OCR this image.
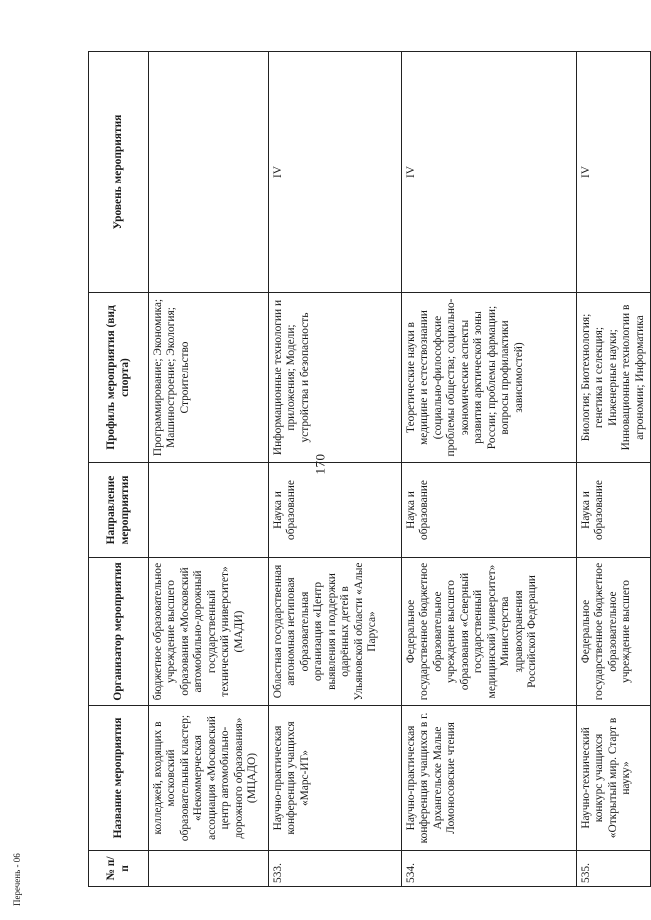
170
№ п/п	Название мероприятия	Организатор мероприятия	Направление мероприятия	Профиль мероприятия (вид спорта)	Уровень мероприятия
	колледжей, входящих в московский образовательный кластер; «Некоммерческая ассоциация «Московский центр автомобильно-дорожного образования» (МЦАДО)	бюджетное образовательное учреждение высшего образования «Московский автомобильно-дорожный государственный технический университет» (МАДИ)		Программирование; Экономика; Машиностроение; Экология; Строительство	
533.	Научно-практическая конференция учащихся «Марс-ИТ»	Областная государственная автономная нетиповая образовательная организация «Центр выявления и поддержки одарённых детей в Ульяновской области «Алые Паруса»	Наука и образование	Информационные технологии и приложения; Модели; устройства и безопасность	IV
534.	Научно-практическая конференция учащихся в г. Архангельске Малые Ломоносовские чтения	Федеральное государственное бюджетное образовательное учреждение высшего образования «Северный государственный медицинский университет» Министерства здравоохранения Российской Федерации	Наука и образование	Теоретические науки в медицине и естествознании (социально-философские проблемы общества; социально-экономические аспекты развития арктической зоны России; проблемы фармации; вопросы профилактики зависимостей)	IV
535.	Научно-технический конкурс учащихся «Открытый мир. Старт в науку»	Федеральное государственное бюджетное образовательное учреждение высшего	Наука и образование	Биология; Биотехнология; генетика и селекция; Инженерные науки; Инновационные технологии в агрономии; Информатика	IV
Перечень - 06
